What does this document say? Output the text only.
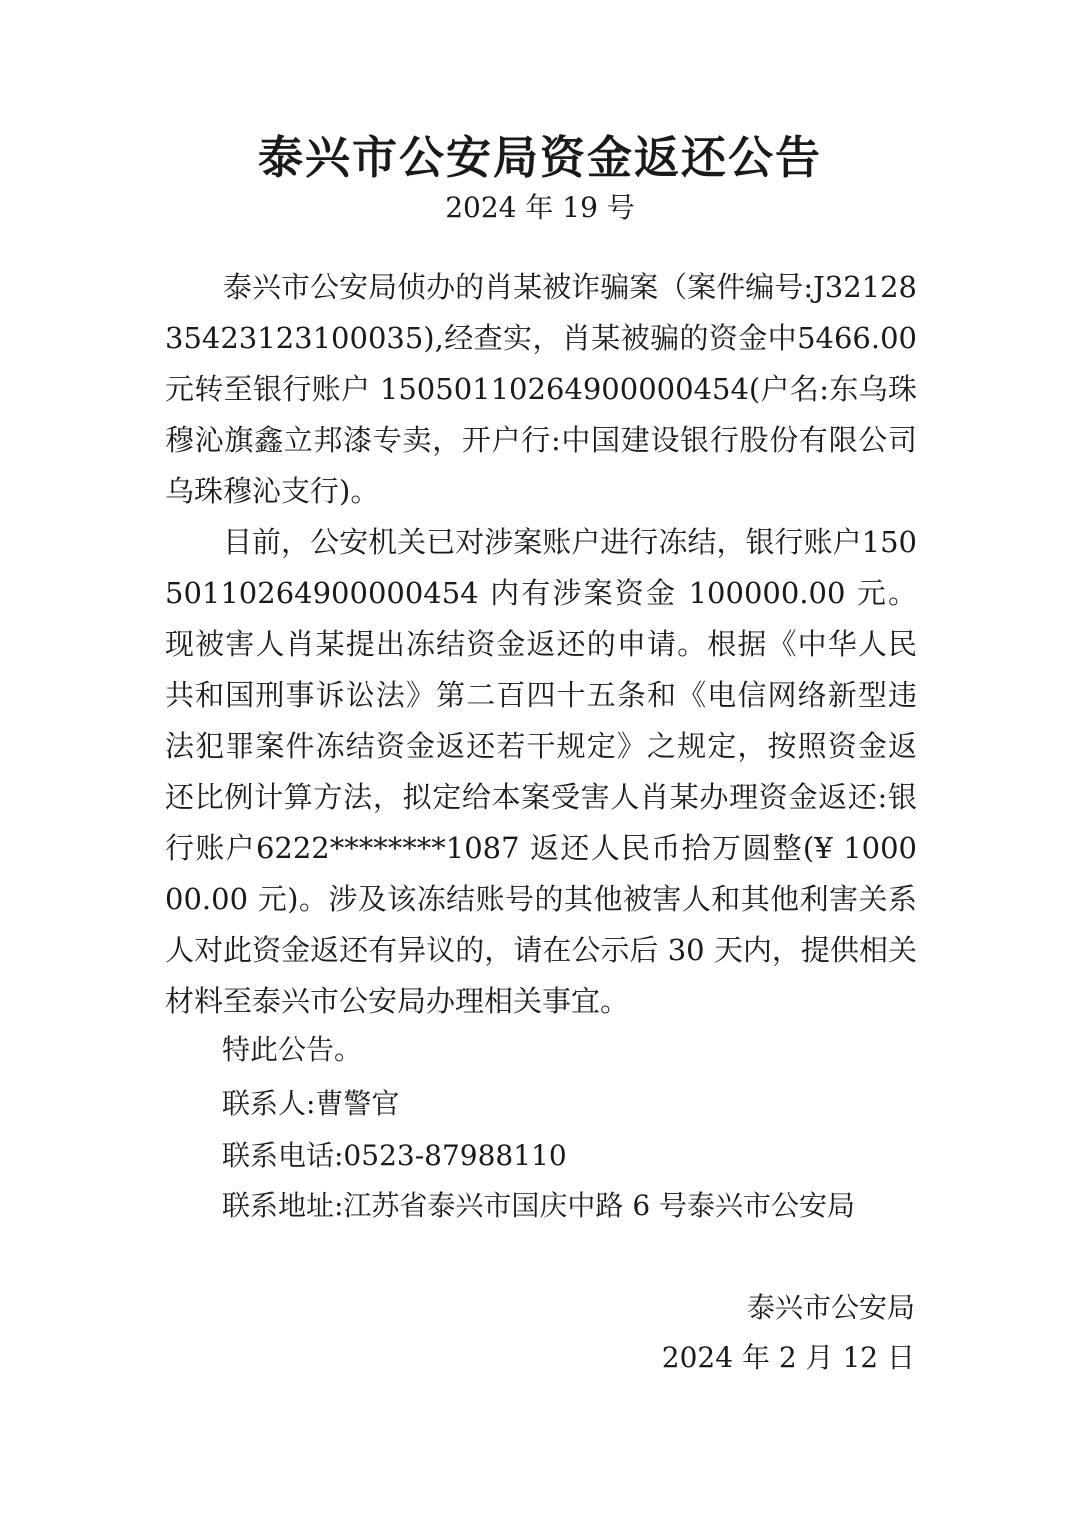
泰兴市公安局资金返还公告
2024 年 19 号

泰兴市公安局侦办的肖某被诈骗案（案件编号:J3212835423123100035),经查实，肖某被骗的资金中5466.00元转至银行账户 15050110264900000454(户名:东乌珠穆沁旗鑫立邦漆专卖，开户行:中国建设银行股份有限公司乌珠穆沁支行)。

目前，公安机关已对涉案账户进行冻结，银行账户15050110264900000454 内有涉案资金 100000.00 元。现被害人肖某提出冻结资金返还的申请。根据《中华人民共和国刑事诉讼法》第二百四十五条和《电信网络新型违法犯罪案件冻结资金返还若干规定》之规定，按照资金返还比例计算方法，拟定给本案受害人肖某办理资金返还:银行账户6222********1087 返还人民币拾万圆整(¥ 100000.00 元)。涉及该冻结账号的其他被害人和其他利害关系人对此资金返还有异议的，请在公示后 30 天内，提供相关材料至泰兴市公安局办理相关事宜。

特此公告。
联系人:曹警官
联系电话:0523-87988110
联系地址:江苏省泰兴市国庆中路 6 号泰兴市公安局
泰兴市公安局
2024 年 2 月 12 日
